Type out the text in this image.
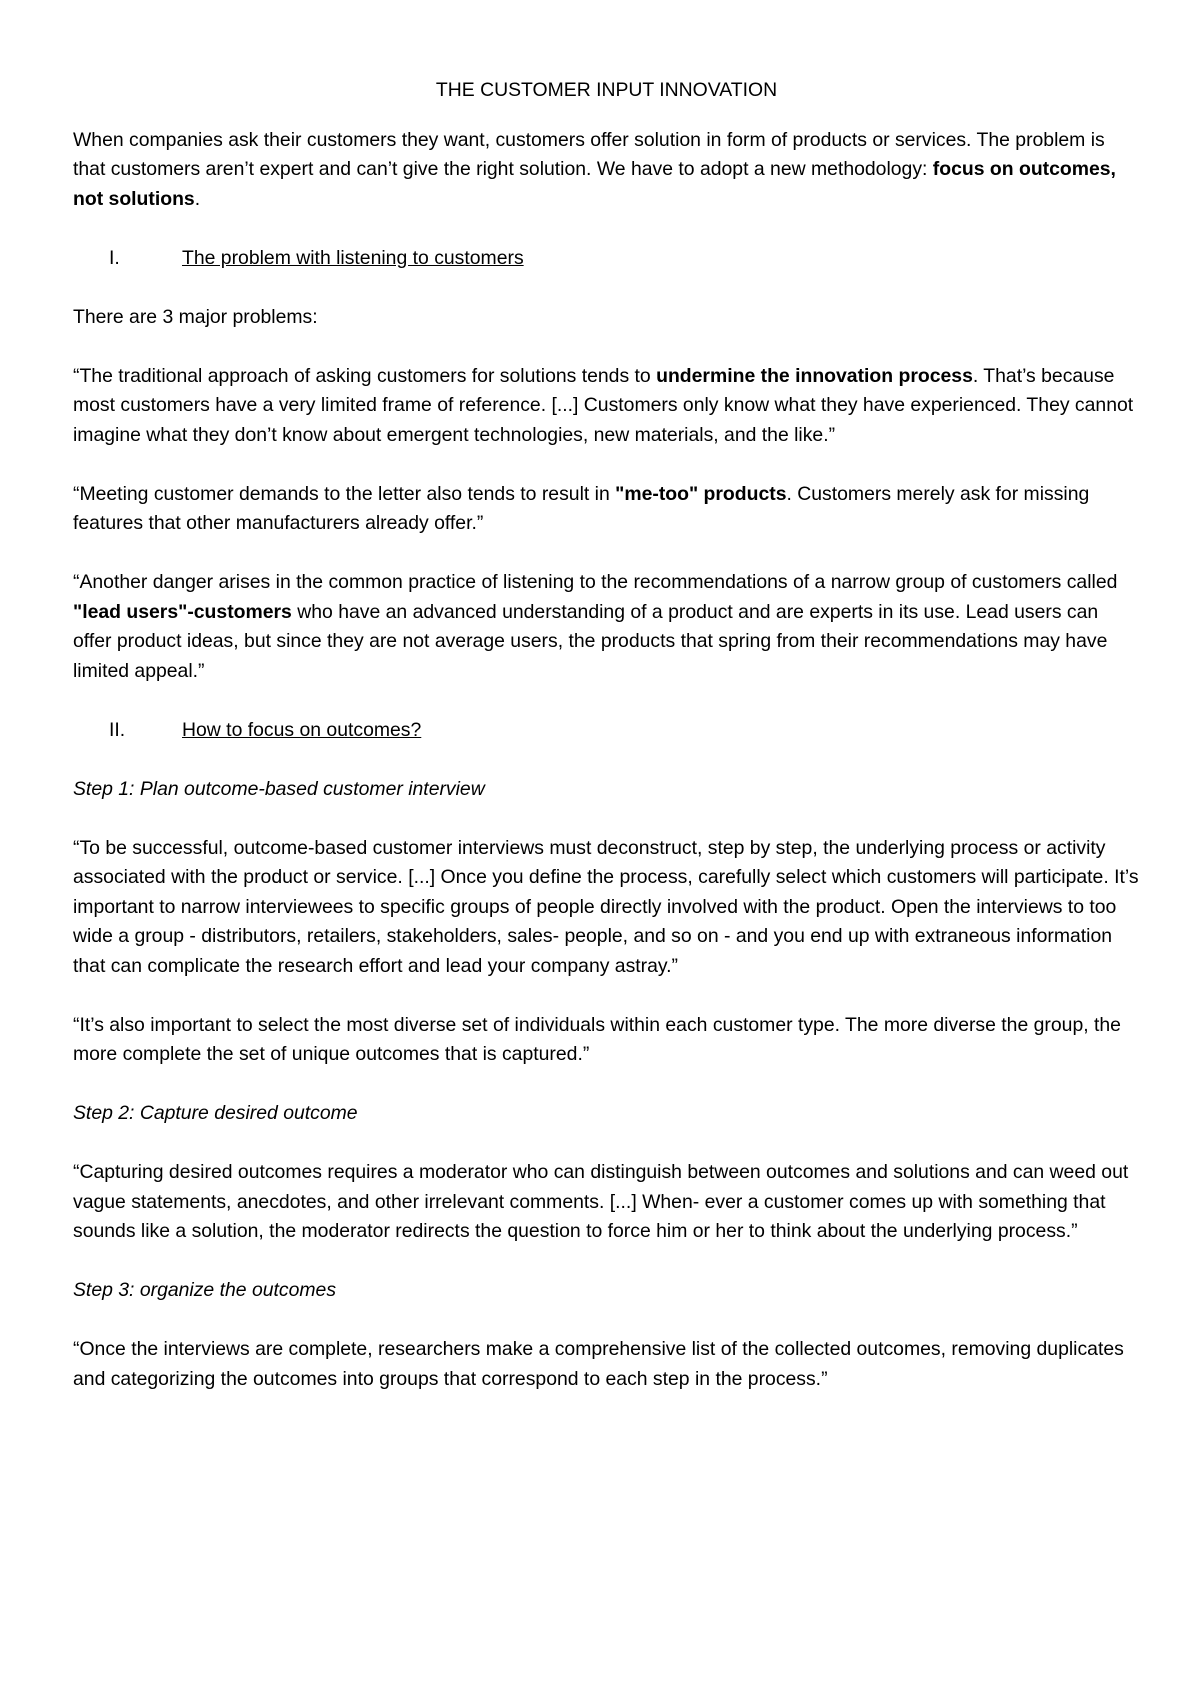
THE CUSTOMER INPUT INNOVATION

When companies ask their customers they want, customers offer solution in form of products or services. The problem is that customers aren’t expert and can’t give the right solution. We have to adopt a new methodology: focus on outcomes, not solutions.

I.	The problem with listening to customers

There are 3 major problems:

“The traditional approach of asking customers for solutions tends to undermine the innovation process. That’s because most customers have a very limited frame of reference. [...] Customers only know what they have experienced. They cannot imagine what they don’t know about emergent technologies, new materials, and the like.”

“Meeting customer demands to the letter also tends to result in "me-too" products. Customers merely ask for missing features that other manufacturers already offer.”

“Another danger arises in the common practice of listening to the recommendations of a narrow group of customers called "lead users"-customers who have an advanced understanding of a product and are experts in its use. Lead users can offer product ideas, but since they are not average users, the products that spring from their recommendations may have limited appeal.”

II.	How to focus on outcomes?
Step 1: Plan outcome-based customer interview

“To be successful, outcome-based customer interviews must deconstruct, step by step, the underlying process or activity associated with the product or service. [...] Once you define the process, carefully select which customers will participate. It’s important to narrow interviewees to specific groups of people directly involved with the product. Open the interviews to too wide a group - distributors, retailers, stakeholders, sales- people, and so on - and you end up with extraneous information that can complicate the research effort and lead your company astray.”

“It’s also important to select the most diverse set of individuals within each customer type. The more diverse the group, the more complete the set of unique outcomes that is captured.”

Step 2: Capture desired outcome

“Capturing desired outcomes requires a moderator who can distinguish between outcomes and solutions and can weed out vague statements, anecdotes, and other irrelevant comments. [...] When- ever a customer comes up with something that sounds like a solution, the moderator redirects the question to force him or her to think about the underlying process.”

Step 3: organize the outcomes

“Once the interviews are complete, researchers make a comprehensive list of the collected outcomes, removing duplicates and categorizing the outcomes into groups that correspond to each step in the process.”
